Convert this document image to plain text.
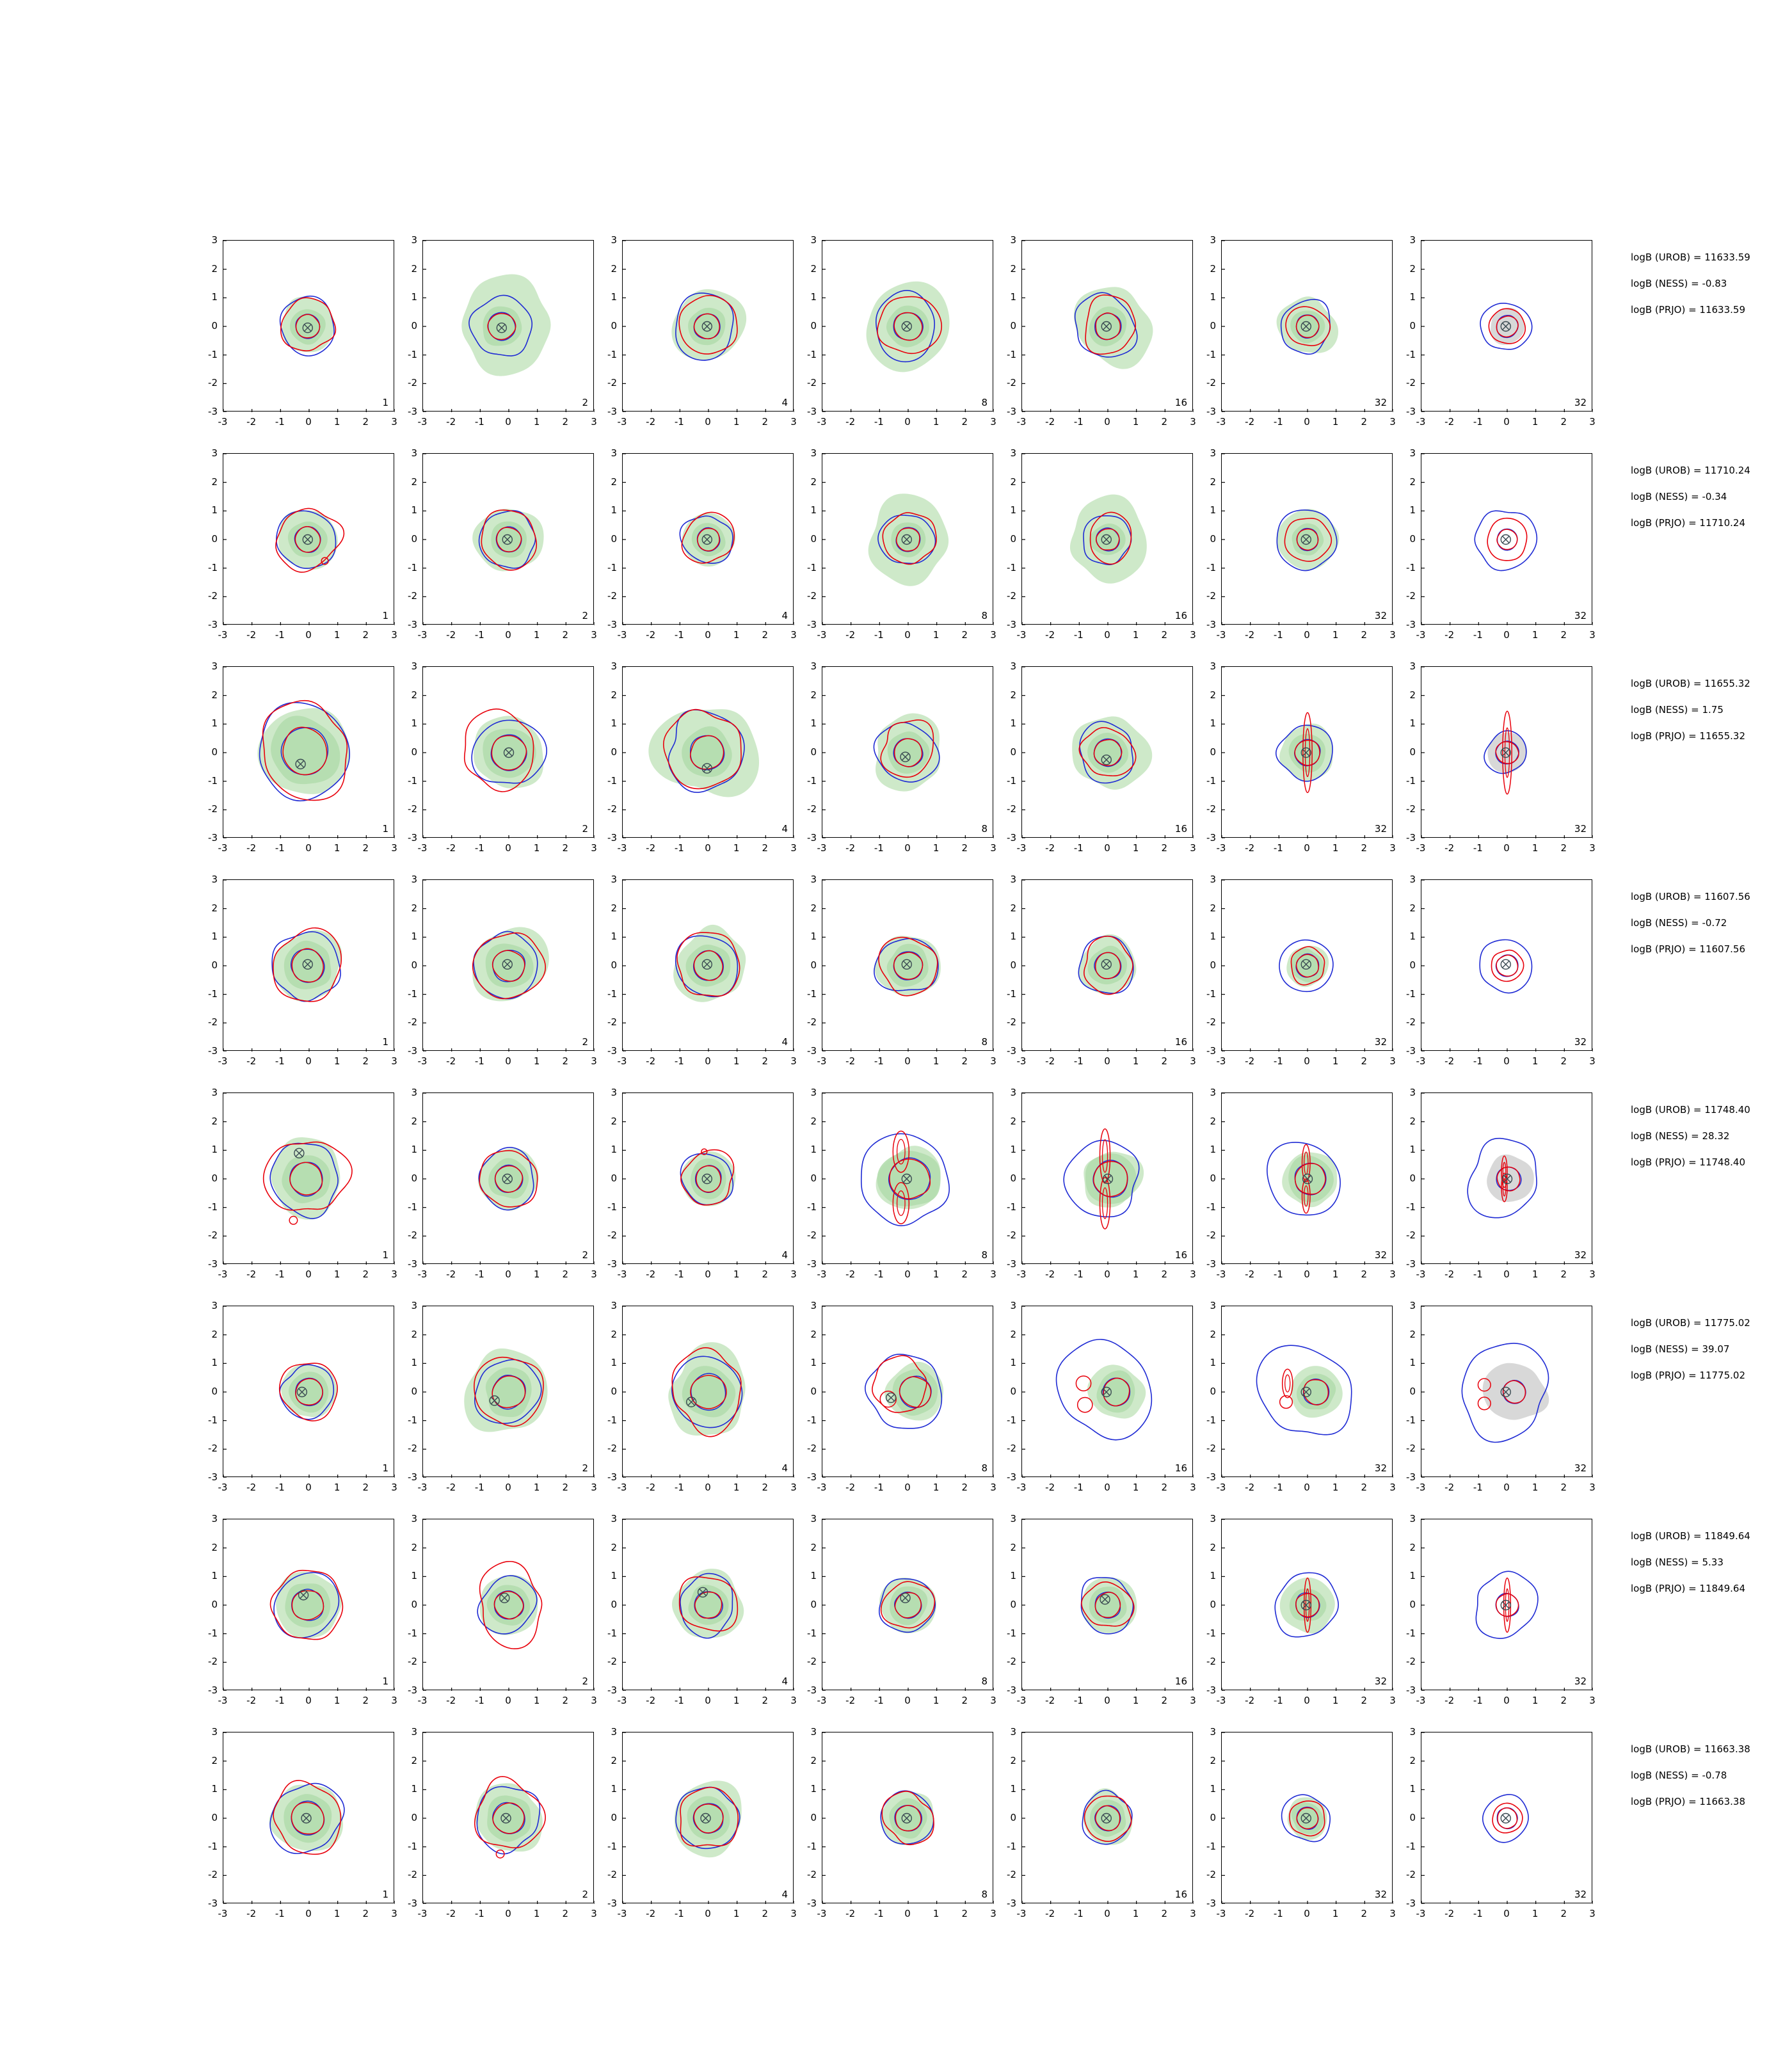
1
3
2
1
0
-1
-2
-3
-3	-2	-1	0	1	2	3
2
3
2
1
0
-1
-2
-3
-3	-2	-1	0	1	2	3
4
3
2
1
0
-1
-2
-3
-3	-2	-1	0	1	2	3
8
3
2
1
0
-1
-2
-3
-3	-2	-1	0	1	2	3
16
3
2
1
0
-1
-2
-3
-3	-2	-1	0	1	2	3
32
3
2
1
0
-1
-2
-3
-3	-2	-1	0	1	2	3
32
3
2
1
0
-1
-2
-3
-3	-2	-1	0	1	2	3
logB (UROB) = 11633.59
logB (NESS) = -0.83
logB (PRJO) = 11633.59
1
3
2
1
0
-1
-2
-3
-3	-2	-1	0	1	2	3
2
3
2
1
0
-1
-2
-3
-3	-2	-1	0	1	2	3
4
3
2
1
0
-1
-2
-3
-3	-2	-1	0	1	2	3
8
3
2
1
0
-1
-2
-3
-3	-2	-1	0	1	2	3
16
3
2
1
0
-1
-2
-3
-3	-2	-1	0	1	2	3
32
3
2
1
0
-1
-2
-3
-3	-2	-1	0	1	2	3
32
3
2
1
0
-1
-2
-3
-3	-2	-1	0	1	2	3
logB (UROB) = 11710.24
logB (NESS) = -0.34
logB (PRJO) = 11710.24
1
3
2
1
0
-1
-2
-3
-3	-2	-1	0	1	2	3
2
3
2
1
0
-1
-2
-3
-3	-2	-1	0	1	2	3
4
3
2
1
0
-1
-2
-3
-3	-2	-1	0	1	2	3
8
3
2
1
0
-1
-2
-3
-3	-2	-1	0	1	2	3
16
3
2
1
0
-1
-2
-3
-3	-2	-1	0	1	2	3
32
3
2
1
0
-1
-2
-3
-3	-2	-1	0	1	2	3
32
3
2
1
0
-1
-2
-3
-3	-2	-1	0	1	2	3
logB (UROB) = 11655.32
logB (NESS) = 1.75
logB (PRJO) = 11655.32
1
3
2
1
0
-1
-2
-3
-3	-2	-1	0	1	2	3
2
3
2
1
0
-1
-2
-3
-3	-2	-1	0	1	2	3
4
3
2
1
0
-1
-2
-3
-3	-2	-1	0	1	2	3
8
3
2
1
0
-1
-2
-3
-3	-2	-1	0	1	2	3
16
3
2
1
0
-1
-2
-3
-3	-2	-1	0	1	2	3
32
3
2
1
0
-1
-2
-3
-3	-2	-1	0	1	2	3
32
3
2
1
0
-1
-2
-3
-3	-2	-1	0	1	2	3
logB (UROB) = 11607.56
logB (NESS) = -0.72
logB (PRJO) = 11607.56
1
3
2
1
0
-1
-2
-3
-3	-2	-1	0	1	2	3
2
3
2
1
0
-1
-2
-3
-3	-2	-1	0	1	2	3
4
3
2
1
0
-1
-2
-3
-3	-2	-1	0	1	2	3
8
3
2
1
0
-1
-2
-3
-3	-2	-1	0	1	2	3
16
3
2
1
0
-1
-2
-3
-3	-2	-1	0	1	2	3
32
3
2
1
0
-1
-2
-3
-3	-2	-1	0	1	2	3
32
3
2
1
0
-1
-2
-3
-3	-2	-1	0	1	2	3
logB (UROB) = 11748.40
logB (NESS) = 28.32
logB (PRJO) = 11748.40
1
3
2
1
0
-1
-2
-3
-3	-2	-1	0	1	2	3
2
3
2
1
0
-1
-2
-3
-3	-2	-1	0	1	2	3
4
3
2
1
0
-1
-2
-3
-3	-2	-1	0	1	2	3
8
3
2
1
0
-1
-2
-3
-3	-2	-1	0	1	2	3
16
3
2
1
0
-1
-2
-3
-3	-2	-1	0	1	2	3
32
3
2
1
0
-1
-2
-3
-3	-2	-1	0	1	2	3
32
3
2
1
0
-1
-2
-3
-3	-2	-1	0	1	2	3
logB (UROB) = 11775.02
logB (NESS) = 39.07
logB (PRJO) = 11775.02
1
3
2
1
0
-1
-2
-3
-3	-2	-1	0	1	2	3
2
3
2
1
0
-1
-2
-3
-3	-2	-1	0	1	2	3
4
3
2
1
0
-1
-2
-3
-3	-2	-1	0	1	2	3
8
3
2
1
0
-1
-2
-3
-3	-2	-1	0	1	2	3
16
3
2
1
0
-1
-2
-3
-3	-2	-1	0	1	2	3
32
3
2
1
0
-1
-2
-3
-3	-2	-1	0	1	2	3
32
3
2
1
0
-1
-2
-3
-3	-2	-1	0	1	2	3
logB (UROB) = 11849.64
logB (NESS) = 5.33
logB (PRJO) = 11849.64
1
3
2
1
0
-1
-2
-3
-3	-2	-1	0	1	2	3
2
3
2
1
0
-1
-2
-3
-3	-2	-1	0	1	2	3
4
3
2
1
0
-1
-2
-3
-3	-2	-1	0	1	2	3
8
3
2
1
0
-1
-2
-3
-3	-2	-1	0	1	2	3
16
3
2
1
0
-1
-2
-3
-3	-2	-1	0	1	2	3
32
3
2
1
0
-1
-2
-3
-3	-2	-1	0	1	2	3
32
3
2
1
0
-1
-2
-3
-3	-2	-1	0	1	2	3
logB (UROB) = 11663.38
logB (NESS) = -0.78
logB (PRJO) = 11663.38
